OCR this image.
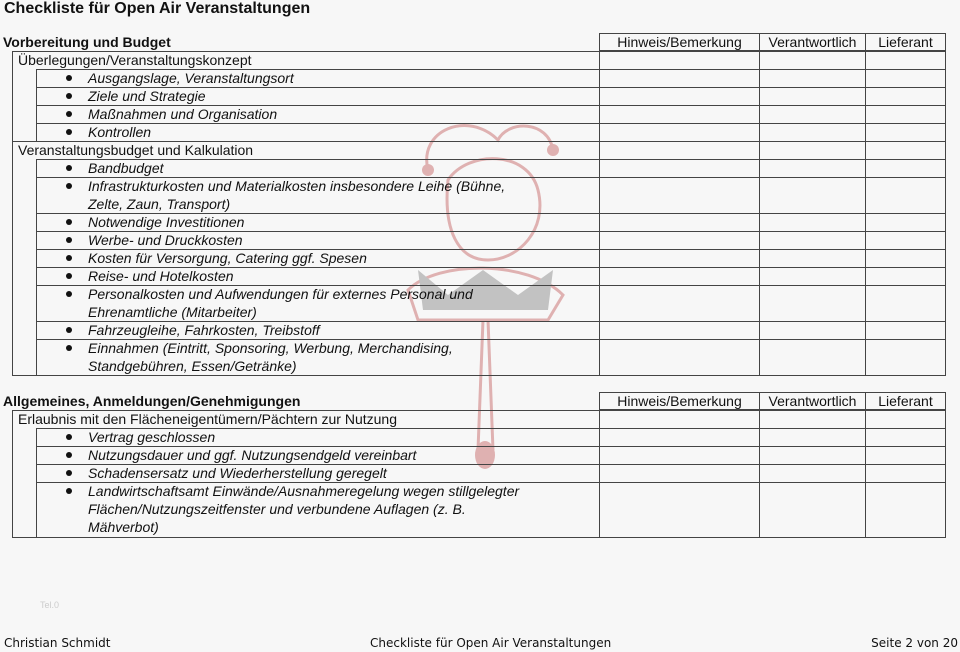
Checkliste für Open Air Veranstaltungen
Vorbereitung und Budget	Hinweis/Bemerkung	Verantwortlich	Lieferant
Überlegungen/Veranstaltungskonzept
Ausgangslage, Veranstaltungsort
Ziele und Strategie
Maßnahmen und Organisation
Kontrollen
Veranstaltungsbudget und Kalkulation
Bandbudget
Infrastrukturkosten und Materialkosten insbesondere Leihe (Bühne,
Zelte, Zaun, Transport)
Notwendige Investitionen
Werbe- und Druckkosten
Kosten für Versorgung, Catering ggf. Spesen
Reise- und Hotelkosten
Personalkosten und Aufwendungen für externes Personal und
Ehrenamtliche (Mitarbeiter)
Fahrzeugleihe, Fahrkosten, Treibstoff
Einnahmen (Eintritt, Sponsoring, Werbung, Merchandising,
Standgebühren, Essen/Getränke)
Allgemeines, Anmeldungen/Genehmigungen	Hinweis/Bemerkung	Verantwortlich	Lieferant
Erlaubnis mit den Flächeneigentümern/Pächtern zur Nutzung
Vertrag geschlossen
Nutzungsdauer und ggf. Nutzungsendgeld vereinbart
Schadensersatz und Wiederherstellung geregelt
Landwirtschaftsamt Einwände/Ausnahmeregelung wegen stillgelegter
Flächen/Nutzungszeitfenster und verbundene Auflagen (z. B.
Mähverbot)
Tel.0
Christian Schmidt	Checkliste für Open Air Veranstaltungen	Seite 2 von 20
